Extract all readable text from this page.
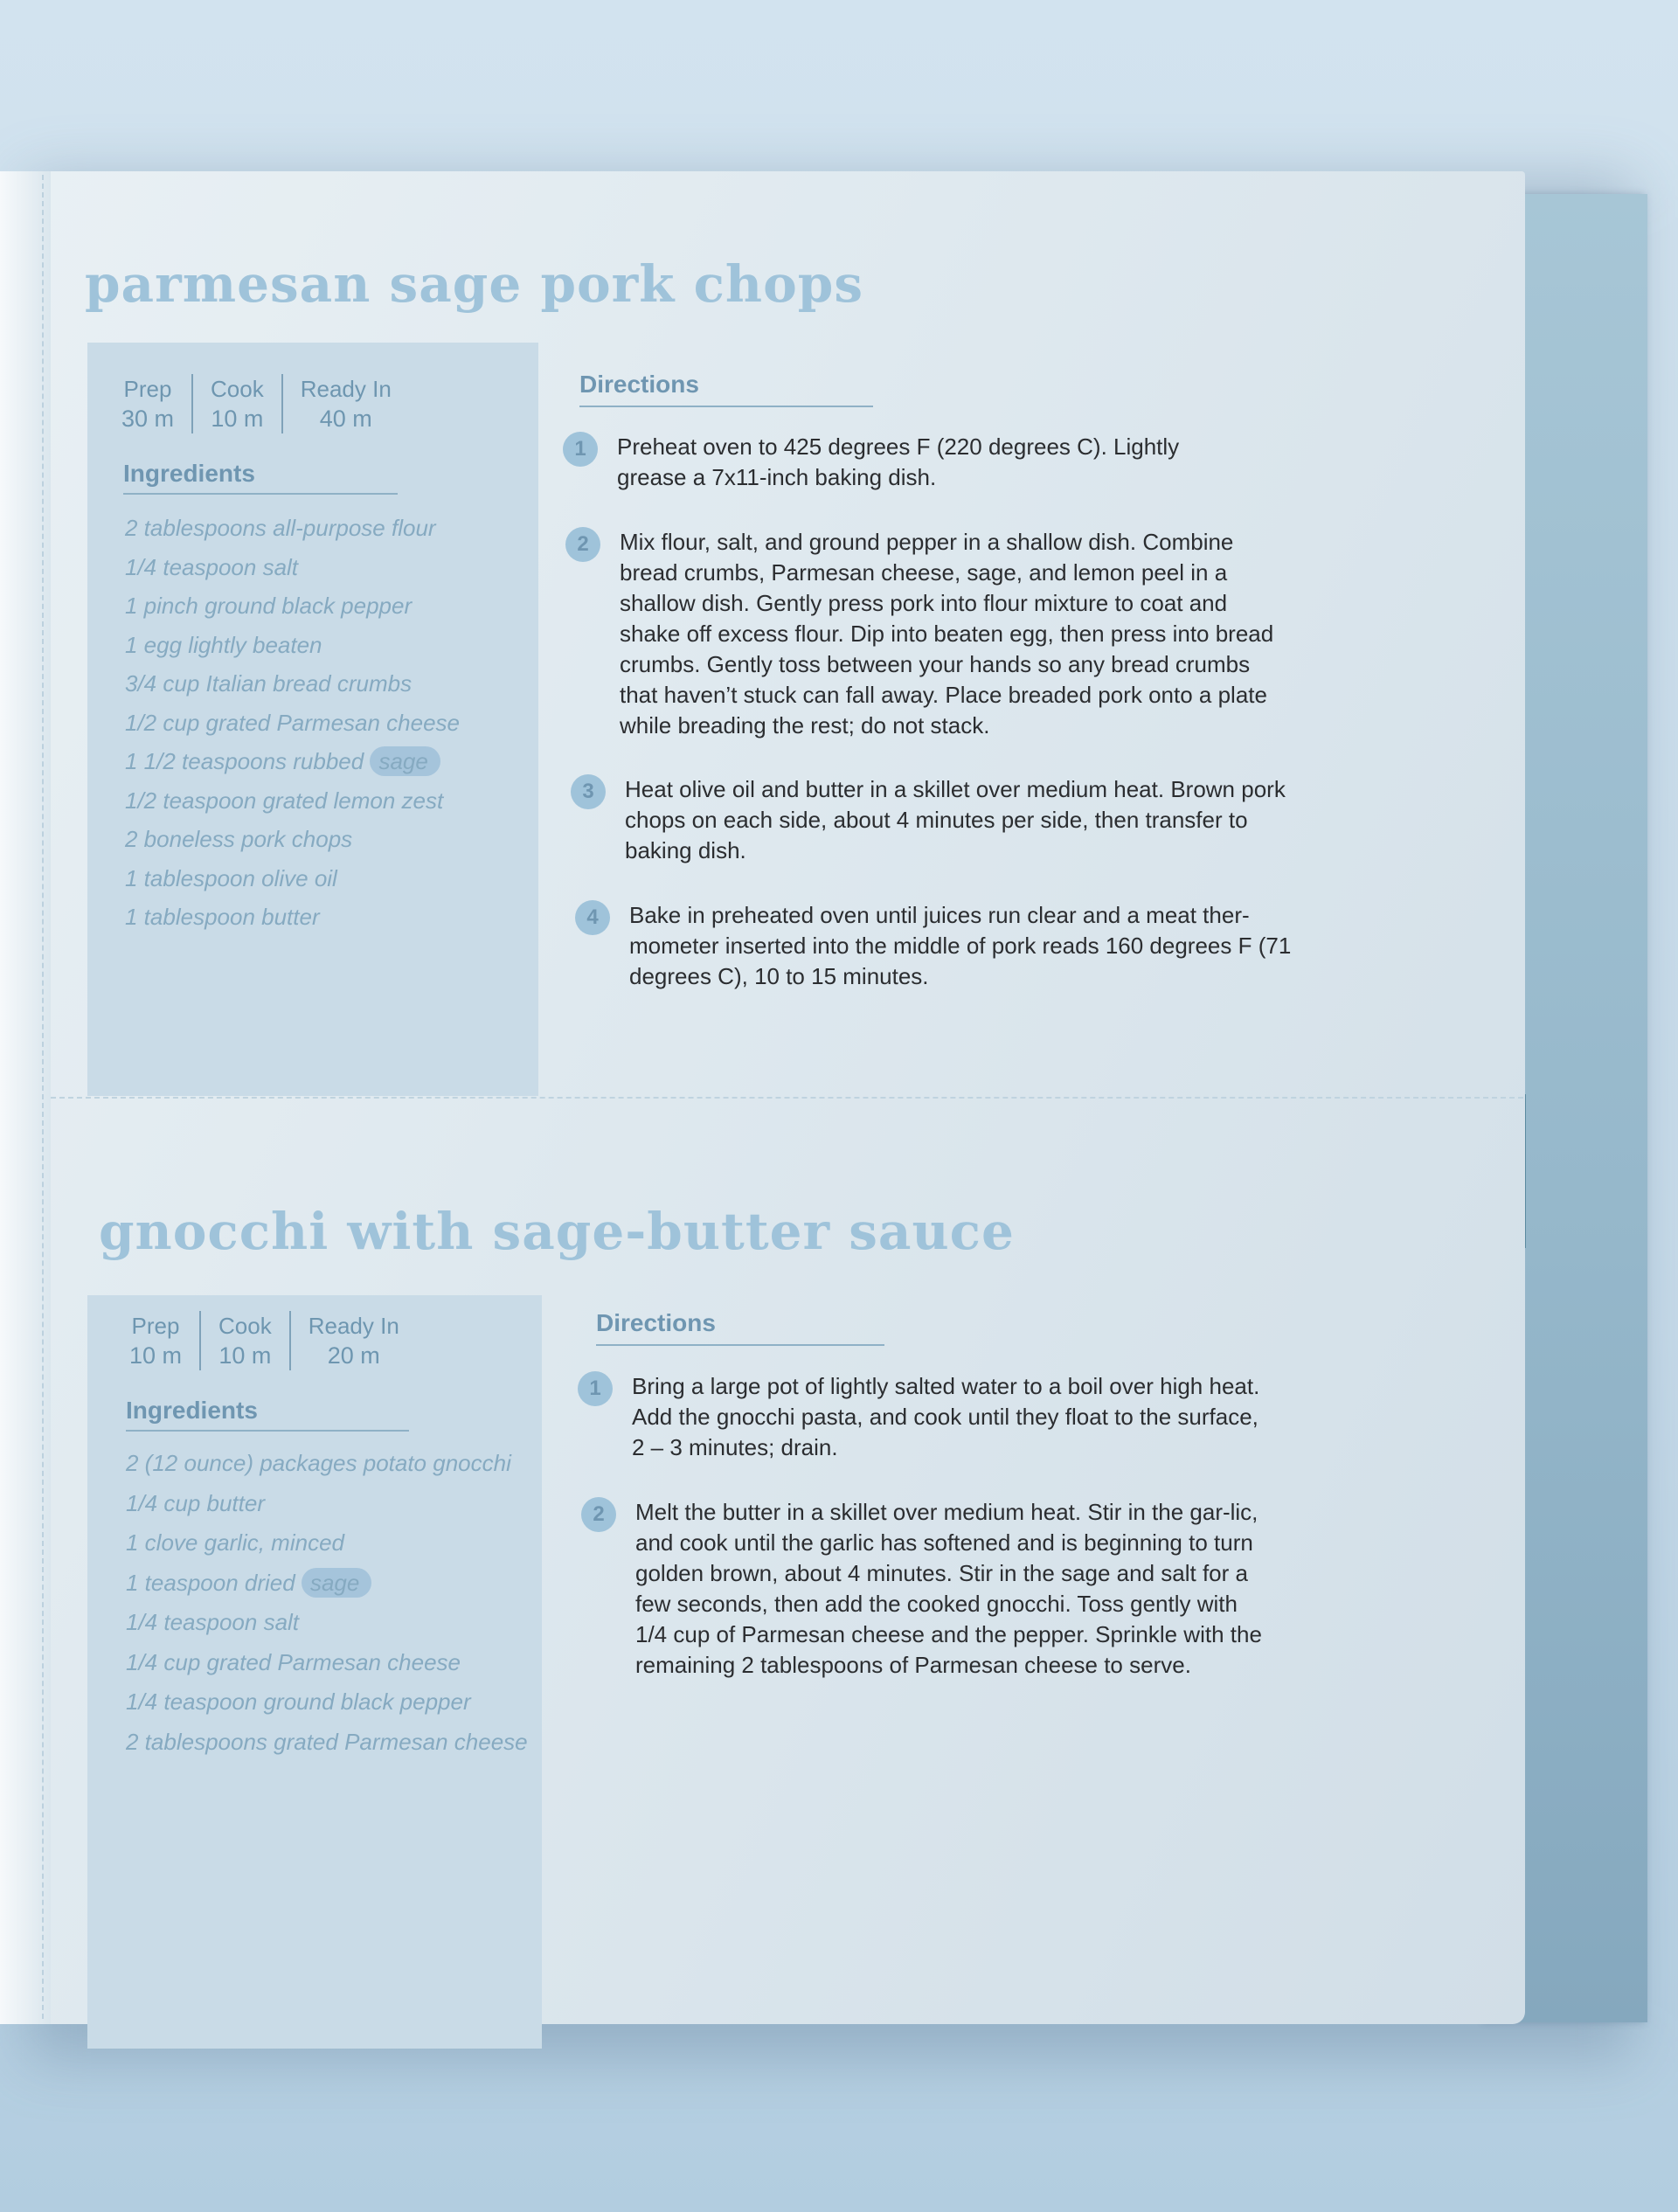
parmesan sage pork chops
Prep
30 m
Cook
10 m
Ready In
40 m
Ingredients
2 tablespoons all-purpose flour
1/4 teaspoon salt
1 pinch ground black pepper
1 egg lightly beaten
3/4 cup Italian bread crumbs
1/2 cup grated Parmesan cheese
1 1/2 teaspoons rubbed sage
1/2 teaspoon grated lemon zest
2 boneless pork chops
1 tablespoon olive oil
1 tablespoon butter
Directions
1	Preheat oven to 425 degrees F (220 degrees C). Lightly grease a 7x11-inch baking dish.

2	Mix flour, salt, and ground pepper in a shallow dish. Combine bread crumbs, Parmesan cheese, sage, and lemon peel in a shallow dish. Gently press pork into flour mixture to coat and shake off excess flour. Dip into beaten egg, then press into bread crumbs. Gently toss between your hands so any bread crumbs that haven’t stuck can fall away. Place breaded pork onto a plate while breading the rest; do not stack.

3	Heat olive oil and butter in a skillet over medium heat. Brown pork chops on each side, about 4 minutes per side, then transfer to baking dish.

4	Bake in preheated oven until juices run clear and a meat ther-mometer inserted into the middle of pork reads 160 degrees F (71 degrees C), 10 to 15 minutes.

gnocchi with sage-butter sauce
Prep
10 m
Cook
10 m
Ready In
20 m
Ingredients
2 (12 ounce) packages potato gnocchi
1/4 cup butter
1 clove garlic, minced
1 teaspoon dried sage
1/4 teaspoon salt
1/4 cup grated Parmesan cheese
1/4 teaspoon ground black pepper
2 tablespoons grated Parmesan cheese
Directions
1	Bring a large pot of lightly salted water to a boil over high heat. Add the gnocchi pasta, and cook until they float to the surface, 2 – 3 minutes; drain.

2	Melt the butter in a skillet over medium heat. Stir in the gar-lic, and cook until the garlic has softened and is beginning to turn golden brown, about 4 minutes. Stir in the sage and salt for a few seconds, then add the cooked gnocchi. Toss gently with 1/4 cup of Parmesan cheese and the pepper. Sprinkle with the remaining 2 tablespoons of Parmesan cheese to serve.
